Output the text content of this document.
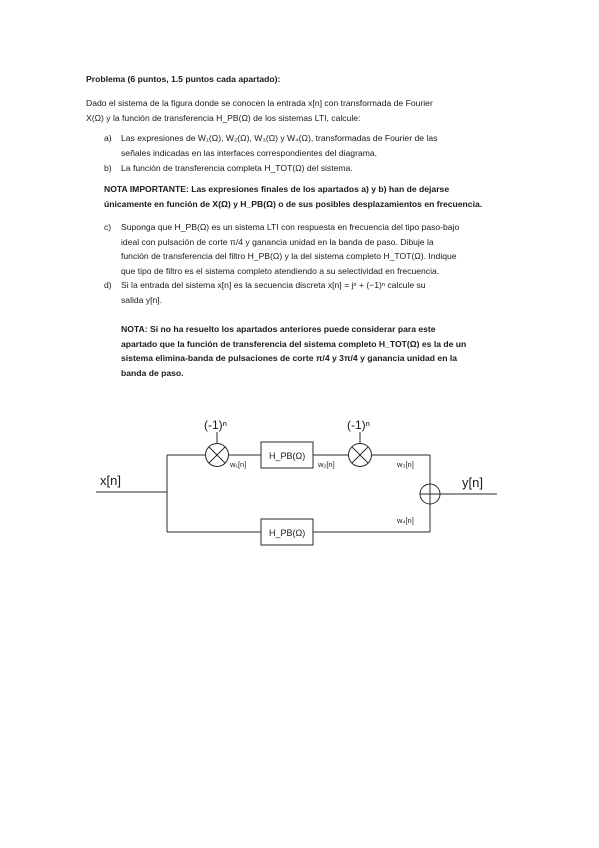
Problema (6 puntos, 1.5 puntos cada apartado):
Dado el sistema de la figura donde se conocen la entrada x[n] con transformada de Fourier
X(Ω) y la función de transferencia H_PB(Ω) de los sistemas LTI, calcule:
a) Las expresiones de W₁(Ω), W₂(Ω), W₃(Ω) y W₄(Ω), transformadas de Fourier de las
señales indicadas en las interfaces correspondientes del diagrama.
b) La función de transferencia completa H_TOT(Ω) del sistema.
NOTA IMPORTANTE: Las expresiones finales de los apartados a) y b) han de dejarse
únicamente en función de X(Ω) y H_PB(Ω) o de sus posibles desplazamientos en frecuencia.
c) Suponga que H_PB(Ω) es un sistema LTI con respuesta en frecuencia del tipo paso-bajo
ideal con pulsación de corte π/4 y ganancia unidad en la banda de paso. Dibuje la
función de transferencia del filtro H_PB(Ω) y la del sistema completo H_TOT(Ω). Indique
que tipo de filtro es el sistema completo atendiendo a su selectividad en frecuencia.
d) Si la entrada del sistema x[n] es la secuencia discreta x[n] = jⁿ + (−1)ⁿ calcule su
salida y[n].
NOTA: Si no ha resuelto los apartados anteriores puede considerar para este
apartado que la función de transferencia del sistema completo H_TOT(Ω) es la de un
sistema elimina-banda de pulsaciones de corte π/4 y 3π/4 y ganancia unidad en la
banda de paso.
x[n]	y[n]
(-1)ⁿ	(-1)ⁿ
H_PB(Ω)
H_PB(Ω)
w₁[n]	w₂[n]	w₃[n]
w₄[n]
